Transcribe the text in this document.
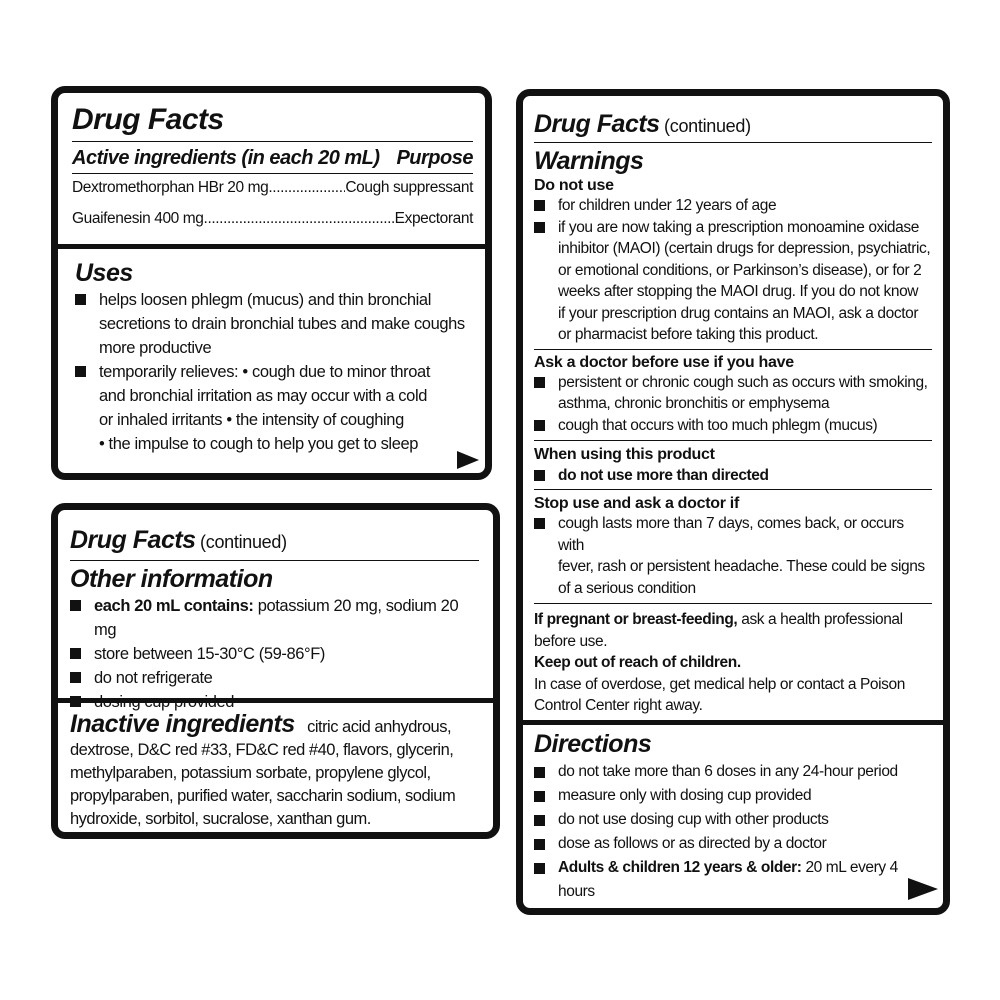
Drug Facts
Active ingredients (in each 20 mL) Purpose
Dextromethorphan HBr 20 mg .....	Cough suppressant
Guaifenesin 400 mg .....	Expectorant
Uses
helps loosen phlegm (mucus) and thin bronchial
secretions to drain bronchial tubes and make coughs
more productive
temporarily relieves: • cough due to minor throat
and bronchial irritation as may occur with a cold
or inhaled irritants • the intensity of coughing
• the impulse to cough to help you get to sleep
Drug Facts (continued)
Other information
each 20 mL contains: potassium 20 mg, sodium 20 mg
store between 15-30°C (59-86°F)
do not refrigerate
dosing cup provided
Inactive ingredients citric acid anhydrous,
dextrose, D&C red #33, FD&C red #40, flavors, glycerin,
methylparaben, potassium sorbate, propylene glycol,
propylparaben, purified water, saccharin sodium, sodium
hydroxide, sorbitol, sucralose, xanthan gum.
Drug Facts (continued)
Warnings
Do not use
for children under 12 years of age
if you are now taking a prescription monoamine oxidase
inhibitor (MAOI) (certain drugs for depression, psychiatric,
or emotional conditions, or Parkinson’s disease), or for 2
weeks after stopping the MAOI drug. If you do not know
if your prescription drug contains an MAOI, ask a doctor
or pharmacist before taking this product.
Ask a doctor before use if you have
persistent or chronic cough such as occurs with smoking,
asthma, chronic bronchitis or emphysema
cough that occurs with too much phlegm (mucus)
When using this product
do not use more than directed
Stop use and ask a doctor if
cough lasts more than 7 days, comes back, or occurs with
fever, rash or persistent headache. These could be signs
of a serious condition
If pregnant or breast-feeding, ask a health professional
before use.
Keep out of reach of children.
In case of overdose, get medical help or contact a Poison
Control Center right away.
Directions
do not take more than 6 doses in any 24-hour period
measure only with dosing cup provided
do not use dosing cup with other products
dose as follows or as directed by a doctor
Adults & children 12 years & older: 20 mL every 4 hours
